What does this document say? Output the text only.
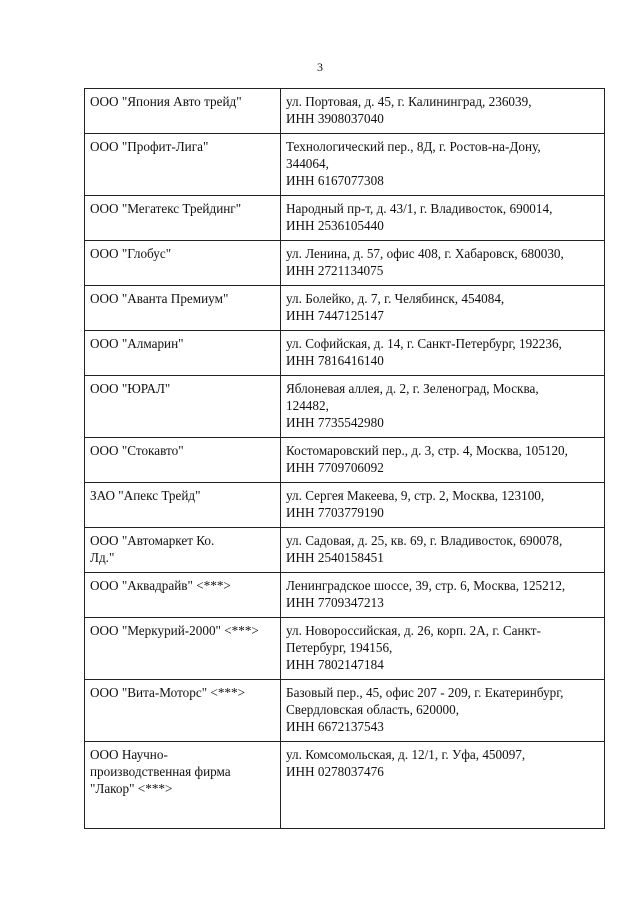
3
ООО "Япония Авто трейд"	ул. Портовая, д. 45, г. Калининград, 236039,
ИНН 3908037040

ООО "Профит-Лига"	Технологический пер., 8Д, г. Ростов-на-Дону,
344064,
ИНН 6167077308

ООО "Мегатекс Трейдинг"	Народный пр-т, д. 43/1, г. Владивосток, 690014,
ИНН 2536105440

ООО "Глобус"	ул. Ленина, д. 57, офис 408, г. Хабаровск, 680030,
ИНН 2721134075

ООО "Аванта Премиум"	ул. Болейко, д. 7, г. Челябинск, 454084,
ИНН 7447125147

ООО "Алмарин"	ул. Софийская, д. 14, г. Санкт-Петербург, 192236,
ИНН 7816416140

ООО "ЮРАЛ"	Яблоневая аллея, д. 2, г. Зеленоград, Москва,
124482,
ИНН 7735542980

ООО "Стокавто"	Костомаровский пер., д. 3, стр. 4, Москва, 105120,
ИНН 7709706092

ЗАО "Апекс Трейд"	ул. Сергея Макеева, 9, стр. 2, Москва, 123100,
ИНН 7703779190

ООО "Автомаркет Ко.
Лд."	ул. Садовая, д. 25, кв. 69, г. Владивосток, 690078,
ИНН 2540158451

ООО "Аквадрайв" <***>	Ленинградское шоссе, 39, стр. 6, Москва, 125212,
ИНН 7709347213

ООО "Меркурий-2000" <***>	ул. Новороссийская, д. 26, корп. 2А, г. Санкт-
Петербург, 194156,
ИНН 7802147184

ООО "Вита-Моторс" <***>	Базовый пер., 45, офис 207 - 209, г. Екатеринбург,
Свердловская область, 620000,
ИНН 6672137543

ООО Научно-
производственная фирма
"Лакор" <***>	ул. Комсомольская, д. 12/1, г. Уфа, 450097,
ИНН 0278037476
